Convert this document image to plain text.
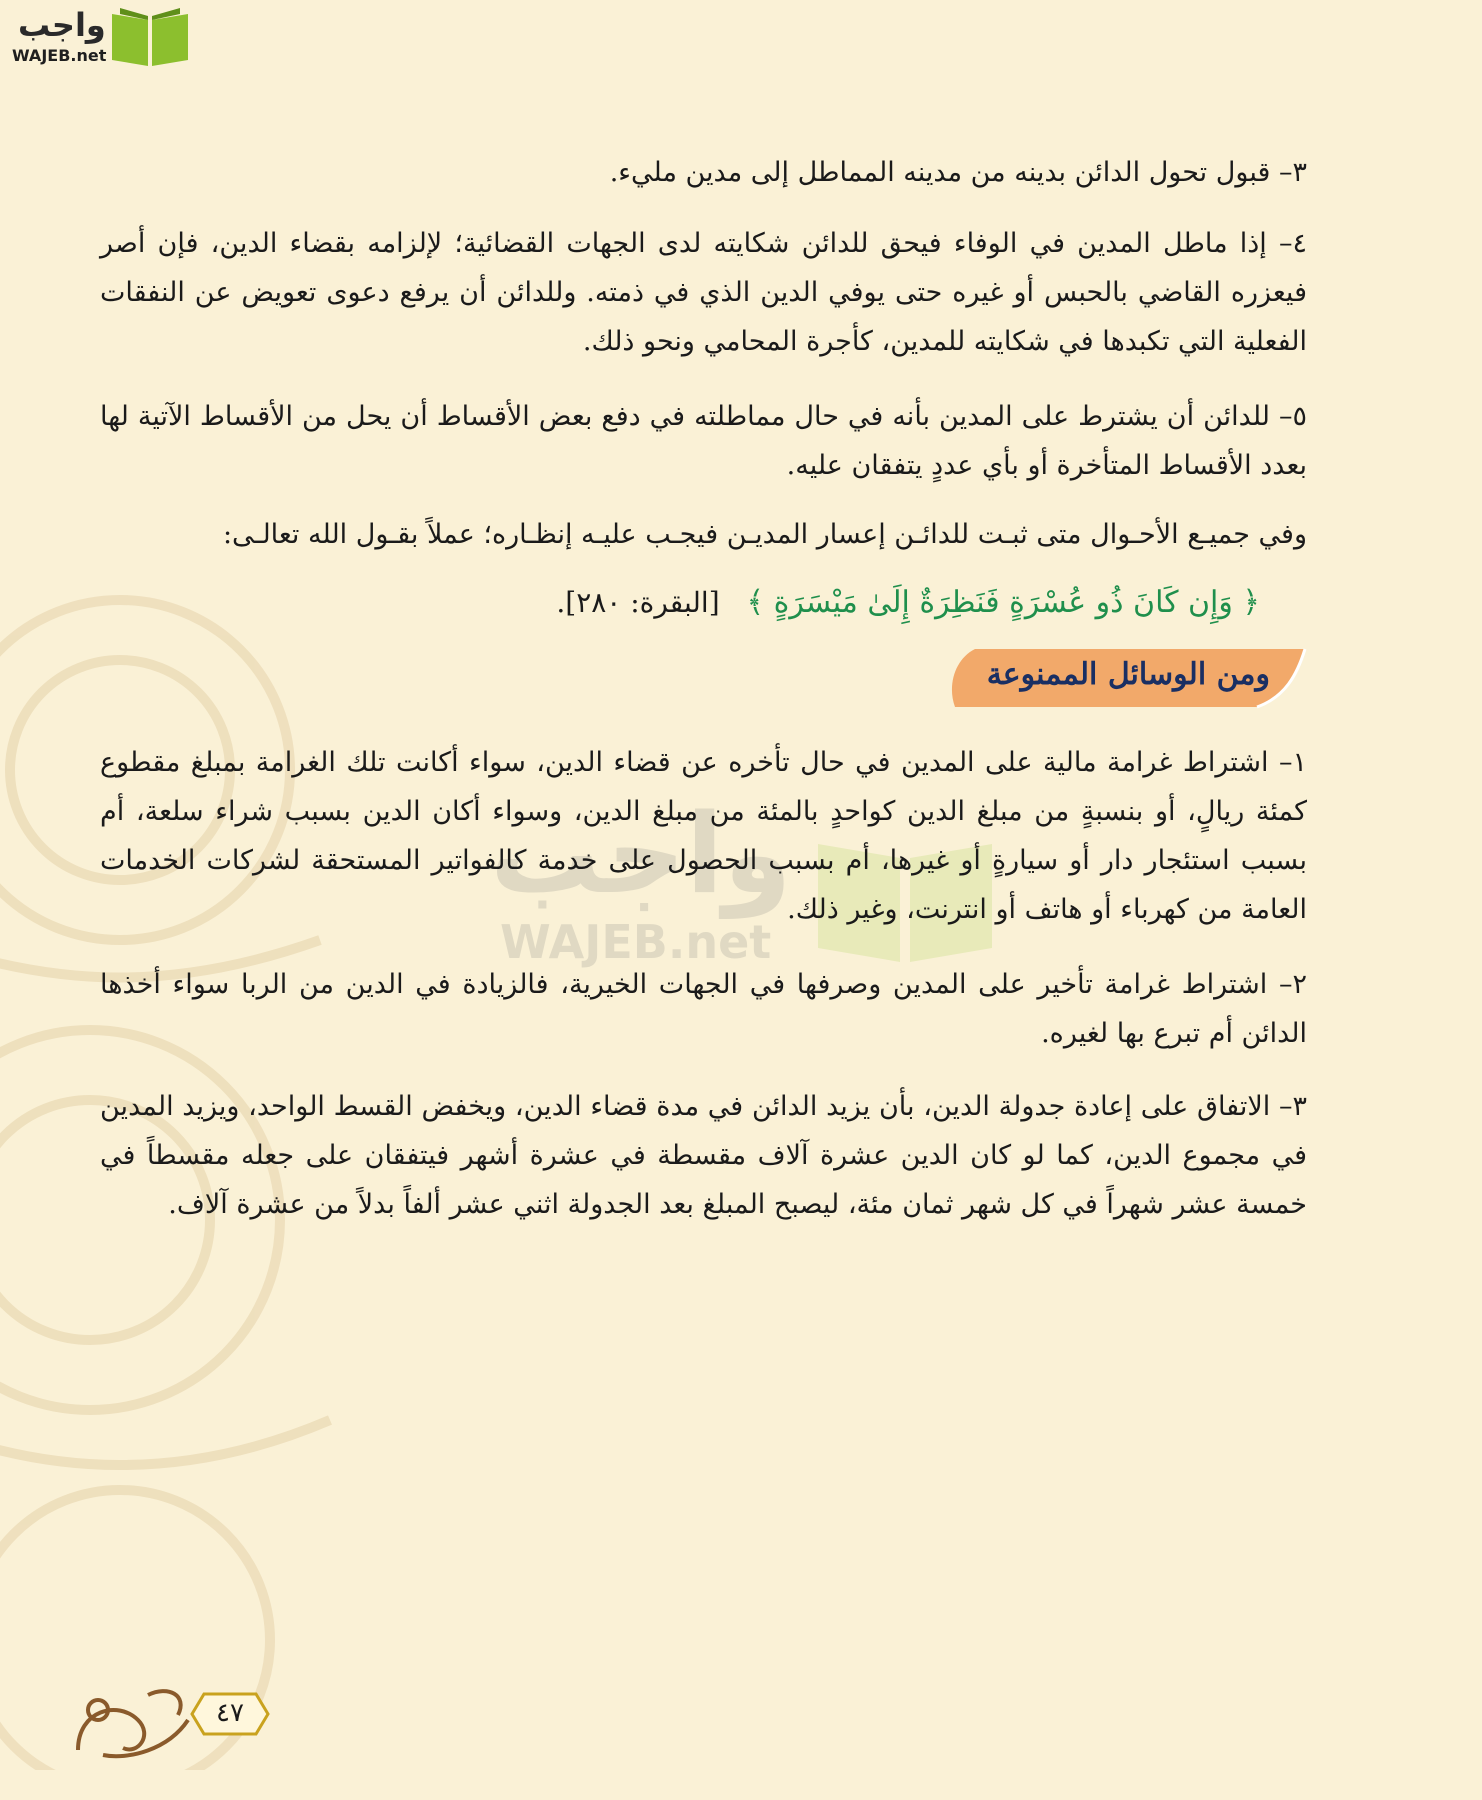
واجب
WAJEB.net
واجب
WAJEB.net
٣– قبول تحول الدائن بدينه من مدينه المماطل إلى مدين مليء.
٤– إذا ماطل المدين في الوفاء فيحق للدائن شكايته لدى الجهات القضائية؛ لإلزامه بقضاء الدين، فإن أصر فيعزره القاضي بالحبس أو غيره حتى يوفي الدين الذي في ذمته. وللدائن أن يرفع دعوى تعويض عن النفقات الفعلية التي تكبدها في شكايته للمدين، كأجرة المحامي ونحو ذلك.
٥– للدائن أن يشترط على المدين بأنه في حال مماطلته في دفع بعض الأقساط أن يحل من الأقساط الآتية لها بعدد الأقساط المتأخرة أو بأي عددٍ يتفقان عليه.
وفي جميـع الأحـوال متى ثبـت للدائـن إعسار المديـن فيجـب عليـه إنظـاره؛ عملاً بقـول الله تعالـى:
﴿ وَإِن كَانَ ذُو عُسْرَةٍ فَنَظِرَةٌ إِلَىٰ مَيْسَرَةٍ ﴾ [البقرة: ٢٨٠].
ومن الوسائل الممنوعة
١– اشتراط غرامة مالية على المدين في حال تأخره عن قضاء الدين، سواء أكانت تلك الغرامة بمبلغ مقطوع كمئة ريالٍ، أو بنسبةٍ من مبلغ الدين كواحدٍ بالمئة من مبلغ الدين، وسواء أكان الدين بسبب شراء سلعة، أم بسبب استئجار دار أو سيارةٍ أو غيرها، أم بسبب الحصول على خدمة كالفواتير المستحقة لشركات الخدمات العامة من كهرباء أو هاتف أو انترنت، وغير ذلك.
٢– اشتراط غرامة تأخير على المدين وصرفها في الجهات الخيرية، فالزيادة في الدين من الربا سواء أخذها الدائن أم تبرع بها لغيره.
٣– الاتفاق على إعادة جدولة الدين، بأن يزيد الدائن في مدة قضاء الدين، ويخفض القسط الواحد، ويزيد المدين في مجموع الدين، كما لو كان الدين عشرة آلاف مقسطة في عشرة أشهر فيتفقان على جعله مقسطاً في خمسة عشر شهراً في كل شهر ثمان مئة، ليصبح المبلغ بعد الجدولة اثني عشر ألفاً بدلاً من عشرة آلاف.
٤٧
